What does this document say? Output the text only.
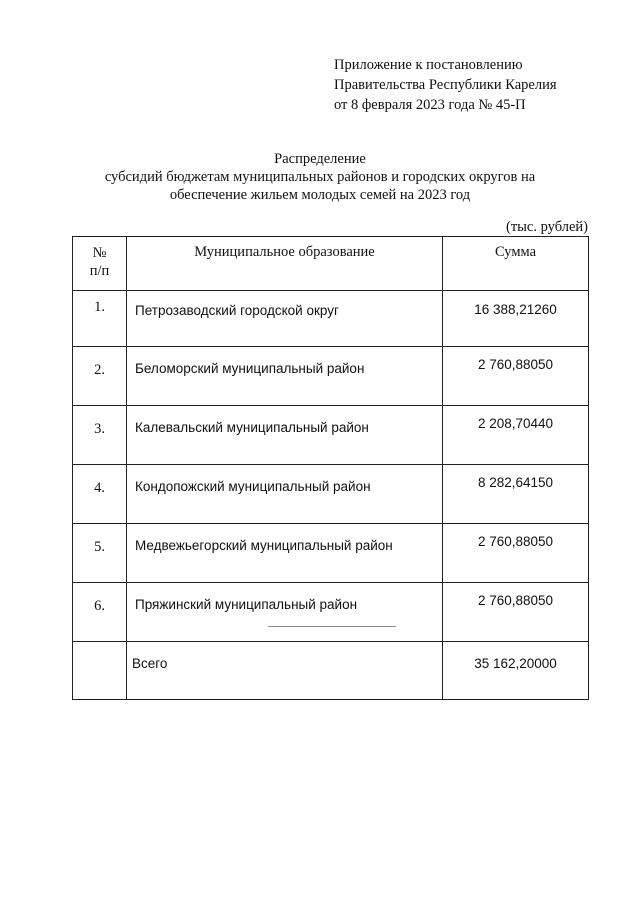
Приложение к постановлению
Правительства Республики Карелия
от 8 февраля 2023 года № 45-П
Распределение
субсидий бюджетам муниципальных районов и городских округов на
обеспечение жильем молодых семей на 2023 год
(тыс. рублей)
№
п/п	Муниципальное образование	Сумма
1.	Петрозаводский городской округ	16 388,21260
2.	Беломорский муниципальный район	2 760,88050
3.	Калевальский муниципальный район	2 208,70440
4.	Кондопожский муниципальный район	8 282,64150
5.	Медвежьегорский муниципальный район	2 760,88050
6.	Пряжинский муниципальный район	2 760,88050
	Всего	35 162,20000
